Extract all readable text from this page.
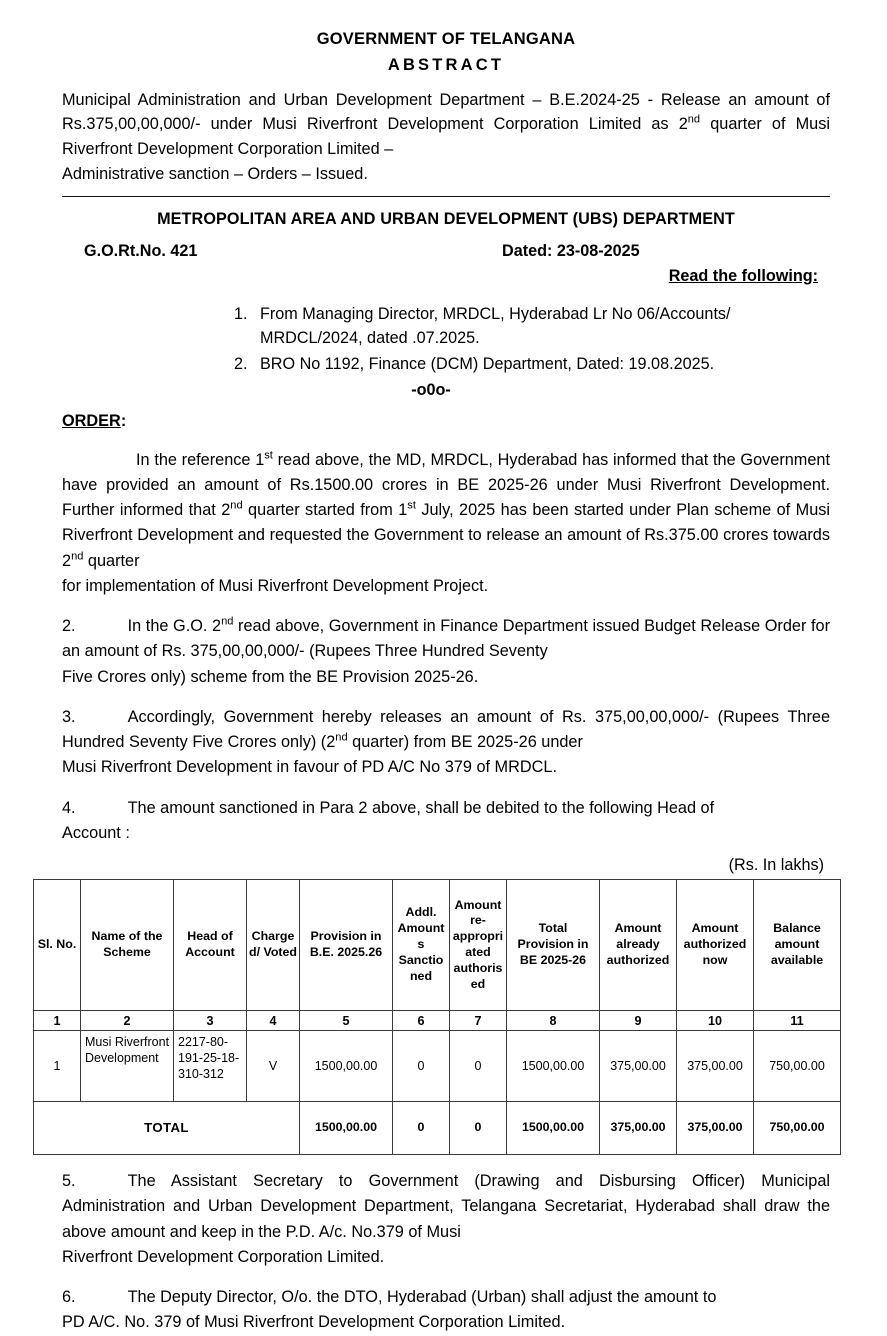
GOVERNMENT OF TELANGANA
ABSTRACT
Municipal Administration and Urban Development Department – B.E.2024-25 - Release an amount of Rs.375,00,00,000/- under Musi Riverfront Development Corporation Limited as 2nd quarter of Musi Riverfront Development Corporation Limited –
Administrative sanction – Orders – Issued.
METROPOLITAN AREA AND URBAN DEVELOPMENT (UBS) DEPARTMENT
G.O.Rt.No. 421	Dated: 23-08-2025
Read the following:
1. From Managing Director, MRDCL, Hyderabad Lr No 06/Accounts/
MRDCL/2024, dated .07.2025.
2. BRO No 1192, Finance (DCM) Department, Dated: 19.08.2025.
-o0o-
ORDER:
In the reference 1st read above, the MD, MRDCL, Hyderabad has informed that the Government have provided an amount of Rs.1500.00 crores in BE 2025-26 under Musi Riverfront Development. Further informed that 2nd quarter started from 1st July, 2025 has been started under Plan scheme of Musi Riverfront Development and requested the Government to release an amount of Rs.375.00 crores towards 2nd quarter
for implementation of Musi Riverfront Development Project.
2.	In the G.O. 2nd read above, Government in Finance Department issued Budget Release Order for an amount of Rs. 375,00,00,000/- (Rupees Three Hundred Seventy
Five Crores only) scheme from the BE Provision 2025-26.
3.	Accordingly, Government hereby releases an amount of Rs. 375,00,00,000/- (Rupees Three Hundred Seventy Five Crores only) (2nd quarter) from BE 2025-26 under
Musi Riverfront Development in favour of PD A/C No 379 of MRDCL.
4.	The amount sanctioned in Para 2 above, shall be debited to the following Head of
Account :
(Rs. In lakhs)
Sl. No.	Name of the Scheme	Head of Account	Charged/ Voted	Provision in B.E. 2025.26	Addl. Amounts Sanctioned	Amount re-appropriated authorised	Total Provision in BE 2025-26	Amount already authorized	Amount authorized now	Balance amount available
1	2	3	4	5	6	7	8	9	10	11
1	Musi Riverfront Development	2217-80-191-25-18-310-312	V	1500,00.00	0	0	1500,00.00	375,00.00	375,00.00	750,00.00
TOTAL				1500,00.00	0	0	1500,00.00	375,00.00	375,00.00	750,00.00
5.	The Assistant Secretary to Government (Drawing and Disbursing Officer) Municipal Administration and Urban Development Department, Telangana Secretariat, Hyderabad shall draw the above amount and keep in the P.D. A/c. No.379 of Musi
Riverfront Development Corporation Limited.
6.	The Deputy Director, O/o. the DTO, Hyderabad (Urban) shall adjust the amount to
PD A/C. No. 379 of Musi Riverfront Development Corporation Limited.
